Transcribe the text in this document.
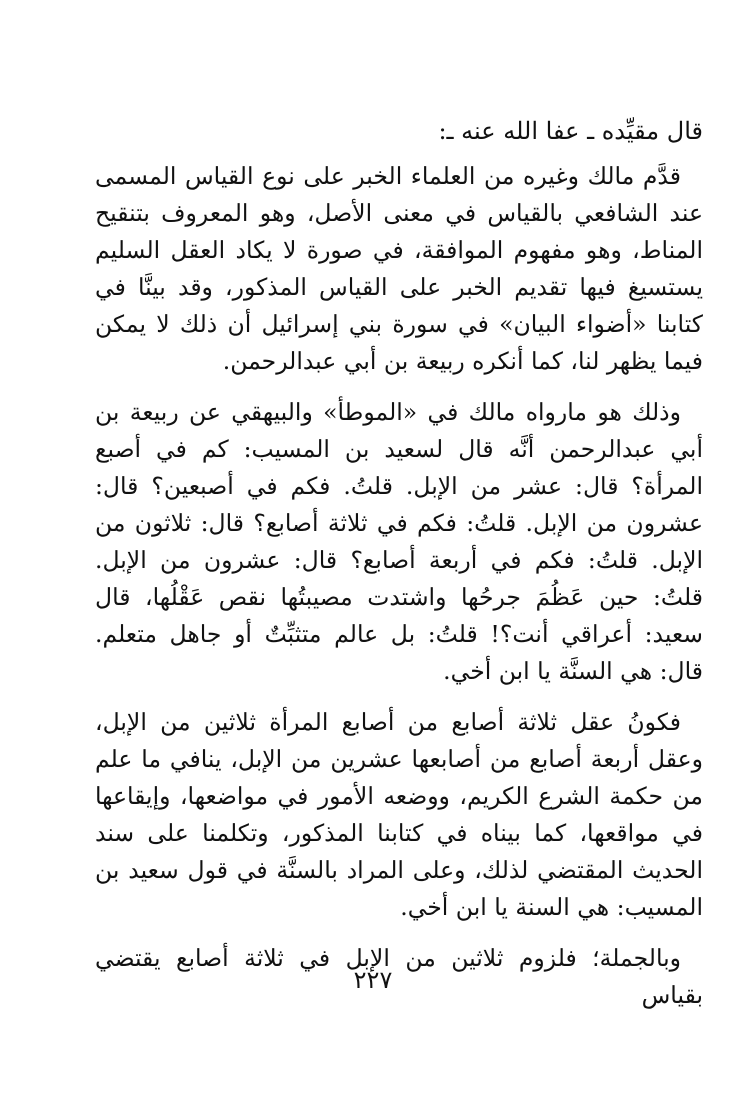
قال مقيِّده ـ عفا الله عنه ـ:

قدَّم مالك وغيره من العلماء الخبر على نوع القياس المسمى عند الشافعي بالقياس في معنى الأصل، وهو المعروف بتنقيح المناط، وهو مفهوم الموافقة، في صورة لا يكاد العقل السليم يستسيغ فيها تقديم الخبر على القياس المذكور، وقد بينَّا في كتابنا «أضواء البيان» في سورة بني إسرائيل أن ذلك لا يمكن فيما يظهر لنا، كما أنكره ربيعة بن أبي عبدالرحمن.

وذلك هو مارواه مالك في «الموطأ» والبيهقي عن ربيعة بن أبي عبدالرحمن أنَّه قال لسعيد بن المسيب: كم في أصبع المرأة؟ قال: عشر من الإبل. قلتُ. فكم في أصبعين؟ قال: عشرون من الإبل. قلتُ: فكم في ثلاثة أصابع؟ قال: ثلاثون من الإبل. قلتُ: فكم في أربعة أصابع؟ قال: عشرون من الإبل. قلتُ: حين عَظُمَ جرحُها واشتدت مصيبتُها نقص عَقْلُها، قال سعيد: أعراقي أنت؟! قلتُ: بل عالم متثبِّتٌ أو جاهل متعلم. قال: هي السنَّة يا ابن أخي.

فكونُ عقل ثلاثة أصابع من أصابع المرأة ثلاثين من الإبل، وعقل أربعة أصابع من أصابعها عشرين من الإبل، ينافي ما علم من حكمة الشرع الكريم، ووضعه الأمور في مواضعها، وإيقاعها في مواقعها، كما بيناه في كتابنا المذكور، وتكلمنا على سند الحديث المقتضي لذلك، وعلى المراد بالسنَّة في قول سعيد بن المسيب: هي السنة يا ابن أخي.

وبالجملة؛ فلزوم ثلاثين من الإبل في ثلاثة أصابع يقتضي بقياس

٢٢٧
